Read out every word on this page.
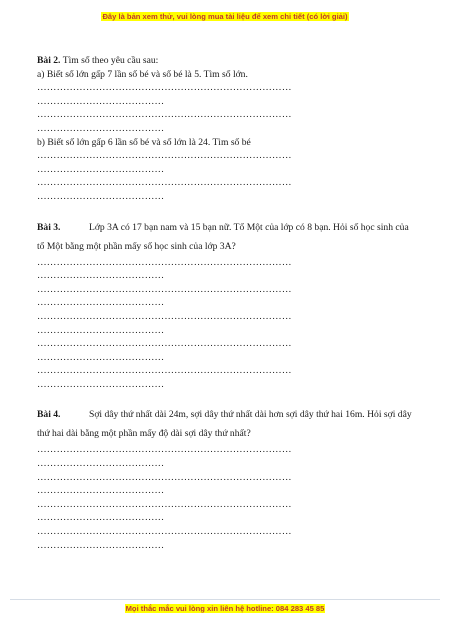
Đây là bản xem thử, vui lòng mua tài liệu để xem chi tiết (có lời giải)

Bài 2. Tìm số theo yêu cầu sau:

a) Biết số lớn gấp 7 lần số bé và số bé là 5. Tìm số lớn.
……………………………………………………………………
…………………………………
……………………………………………………………………
…………………………………
b) Biết số lớn gấp 6 lần số bé và số lớn là 24. Tìm số bé
……………………………………………………………………
…………………………………
……………………………………………………………………
…………………………………

Bài 3.	Lớp 3A có 17 bạn nam và 15 bạn nữ. Tổ Một của lớp có 8 bạn. Hỏi số học sinh của tổ Một bằng một phần mấy số học sinh của lớp 3A?

……………………………………………………………………
…………………………………
……………………………………………………………………
…………………………………
……………………………………………………………………
…………………………………
……………………………………………………………………
…………………………………
……………………………………………………………………
…………………………………

Bài 4.	Sợi dây thứ nhất dài 24m, sợi dây thứ nhất dài hơn sợi dây thứ hai 16m. Hỏi sợi dây thứ hai dài bằng một phần mấy độ dài sợi dây thứ nhất?

……………………………………………………………………
…………………………………
……………………………………………………………………
…………………………………
……………………………………………………………………
…………………………………
……………………………………………………………………
…………………………………
Mọi thắc mắc vui lòng xin liên hệ hotline: 084 283 45 85
